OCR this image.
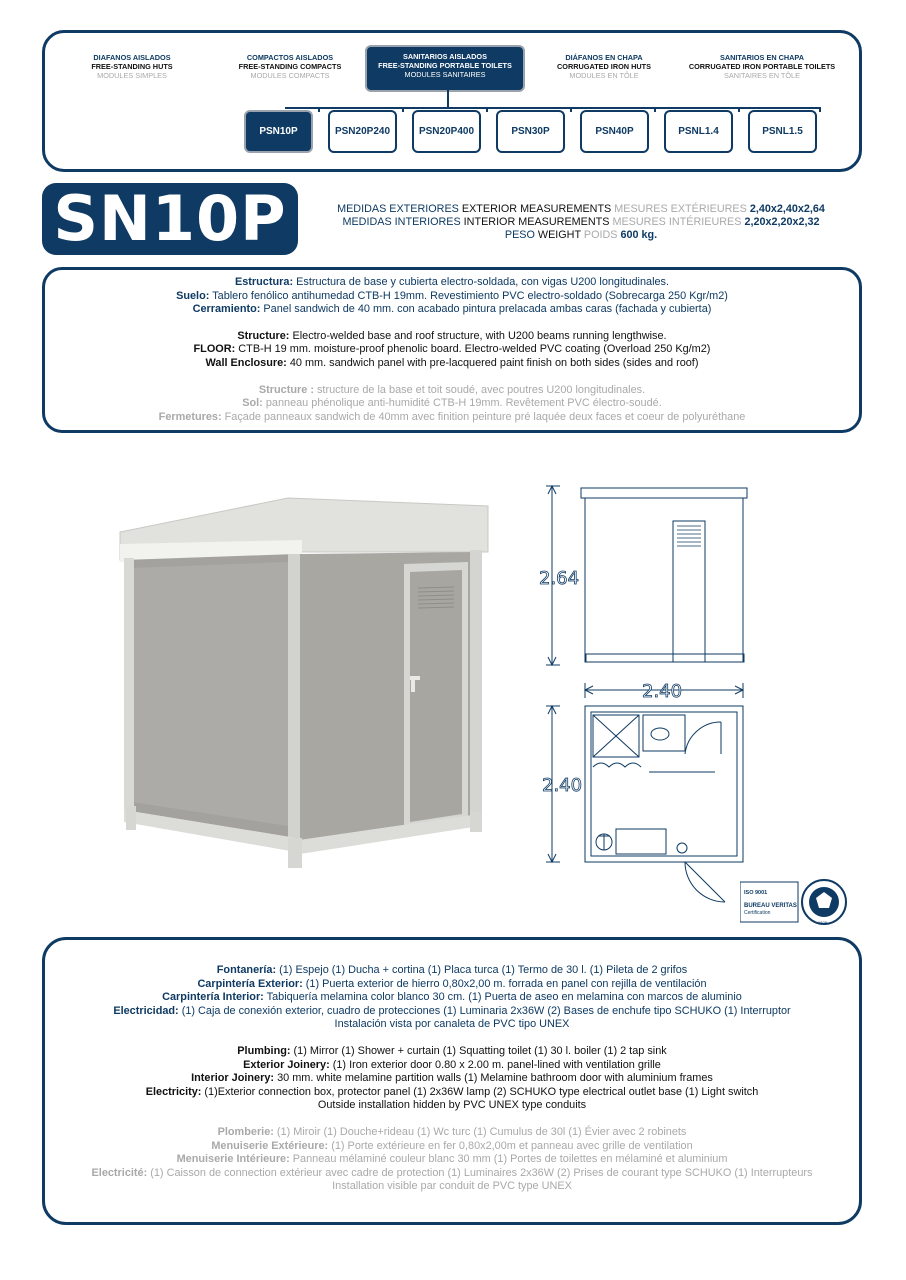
DIAFANOS AISLADOS
FREE-STANDING HUTS
MODULES SIMPLES
COMPACTOS AISLADOS
FREE-STANDING COMPACTS
MODULES COMPACTS
SANITARIOS AISLADOS
FREE-STANDING PORTABLE TOILETS
MODULES SANITAIRES
DIÁFANOS EN CHAPA
CORRUGATED IRON HUTS
MODULES EN TÔLE
SANITARIOS EN CHAPA
CORRUGATED IRON PORTABLE TOILETS
SANITAIRES EN TÔLE
PSN10P	PSN20P240	PSN20P400	PSN30P	PSN40P	PSNL1.4	PSNL1.5
SN10P	MEDIDAS EXTERIORES EXTERIOR MEASUREMENTS MESURES EXTÉRIEURES 2,40x2,40x2,64
MEDIDAS INTERIORES INTERIOR MEASUREMENTS MESURES INTÉRIEURES 2,20x2,20x2,32
PESO WEIGHT POIDS 600 kg.
Estructura: Estructura de base y cubierta electro-soldada, con vigas U200 longitudinales.
Suelo: Tablero fenólico antihumedad CTB-H 19mm. Revestimiento PVC electro-soldado (Sobrecarga 250 Kgr/m2)
Cerramiento: Panel sandwich de 40 mm. con acabado pintura prelacada ambas caras (fachada y cubierta)
Structure: Electro-welded base and roof structure, with U200 beams running lengthwise.
FLOOR: CTB-H 19 mm. moisture-proof phenolic board. Electro-welded PVC coating (Overload 250 Kg/m2)
Wall Enclosure: 40 mm. sandwich panel with pre-lacquered paint finish on both sides (sides and roof)
Structure : structure de la base et toit soudé, avec poutres U200 longitudinales.
Sol: panneau phénolique anti-humidité CTB-H 19mm. Revêtement PVC électro-soudé.
Fermetures: Façade panneaux sandwich de 40mm avec finition peinture pré laquée deux faces et coeur de polyuréthane
2.64
2.40
2.40
ISO 9001
BUREAU VERITAS
Certification
1828
Fontanería: (1) Espejo (1) Ducha + cortina (1) Placa turca (1) Termo de 30 l. (1) Pileta de 2 grifos
Carpintería Exterior: (1) Puerta exterior de hierro 0,80x2,00 m. forrada en panel con rejilla de ventilación
Carpintería Interior: Tabiquería melamina color blanco 30 cm. (1) Puerta de aseo en melamina con marcos de aluminio
Electricidad: (1) Caja de conexión exterior, cuadro de protecciones (1) Luminaria 2x36W (2) Bases de enchufe tipo SCHUKO (1) Interruptor
Instalación vista por canaleta de PVC tipo UNEX
Plumbing: (1) Mirror (1) Shower + curtain (1) Squatting toilet (1) 30 l. boiler (1) 2 tap sink
Exterior Joinery: (1) Iron exterior door 0.80 x 2.00 m. panel-lined with ventilation grille
Interior Joinery: 30 mm. white melamine partition walls (1) Melamine bathroom door with aluminium frames
Electricity: (1)Exterior connection box, protector panel (1) 2x36W lamp (2) SCHUKO type electrical outlet base (1) Light switch
Outside installation hidden by PVC UNEX type conduits
Plomberie: (1) Miroir (1) Douche+rideau (1) Wc turc (1) Cumulus de 30l (1) Évier avec 2 robinets
Menuiserie Extérieure: (1) Porte extérieure en fer 0,80x2,00m et panneau avec grille de ventilation
Menuiserie Intérieure: Panneau mélaminé couleur blanc 30 mm (1) Portes de toilettes en mélaminé et aluminium
Electricité: (1) Caisson de connection extérieur avec cadre de protection (1) Luminaires 2x36W (2) Prises de courant type SCHUKO (1) Interrupteurs
Installation visible par conduit de PVC type UNEX
